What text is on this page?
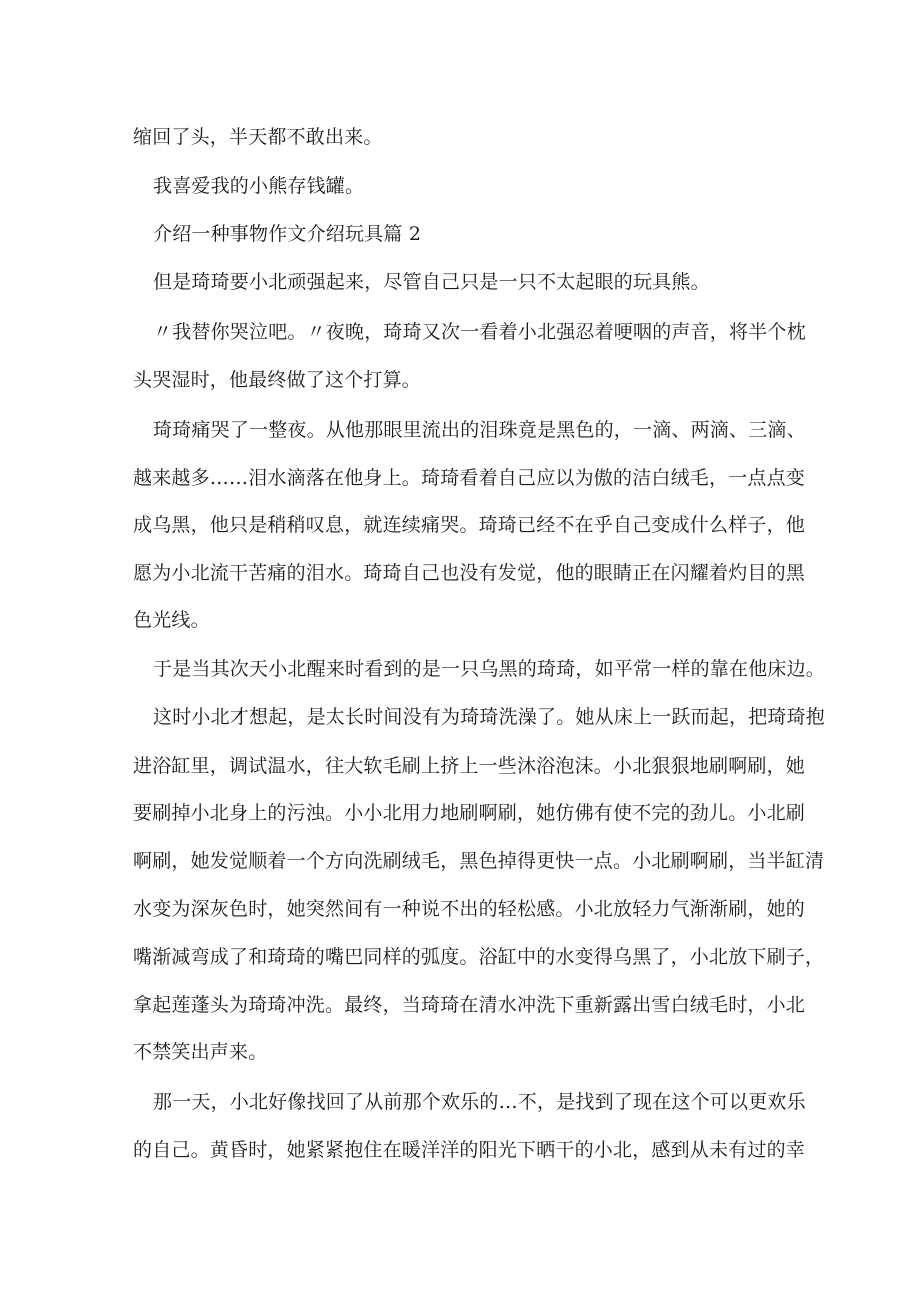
缩回了头，半天都不敢出来。
我喜爱我的小熊存钱罐。
介绍一种事物作文介绍玩具篇 2
但是琦琦要小北顽强起来，尽管自己只是一只不太起眼的玩具熊。
〃我替你哭泣吧。〃夜晚，琦琦又次一看着小北强忍着哽咽的声音，将半个枕
头哭湿时，他最终做了这个打算。
琦琦痛哭了一整夜。从他那眼里流出的泪珠竟是黑色的，一滴、两滴、三滴、
越来越多……泪水滴落在他身上。琦琦看着自己应以为傲的洁白绒毛，一点点变
成乌黑，他只是稍稍叹息，就连续痛哭。琦琦已经不在乎自己变成什么样子，他
愿为小北流干苦痛的泪水。琦琦自己也没有发觉，他的眼睛正在闪耀着灼目的黑
色光线。
于是当其次天小北醒来时看到的是一只乌黑的琦琦，如平常一样的靠在他床边。
这时小北才想起，是太长时间没有为琦琦洗澡了。她从床上一跃而起，把琦琦抱
进浴缸里，调试温水，往大软毛刷上挤上一些沐浴泡沫。小北狠狠地刷啊刷，她
要刷掉小北身上的污浊。小小北用力地刷啊刷，她仿佛有使不完的劲儿。小北刷
啊刷，她发觉顺着一个方向洗刷绒毛，黑色掉得更快一点。小北刷啊刷，当半缸清
水变为深灰色时，她突然间有一种说不出的轻松感。小北放轻力气渐渐刷，她的
嘴渐减弯成了和琦琦的嘴巴同样的弧度。浴缸中的水变得乌黑了，小北放下刷子，
拿起莲蓬头为琦琦冲洗。最终，当琦琦在清水冲洗下重新露出雪白绒毛时，小北
不禁笑出声来。
那一天，小北好像找回了从前那个欢乐的…不，是找到了现在这个可以更欢乐
的自己。黄昏时，她紧紧抱住在暖洋洋的阳光下晒干的小北，感到从未有过的幸
